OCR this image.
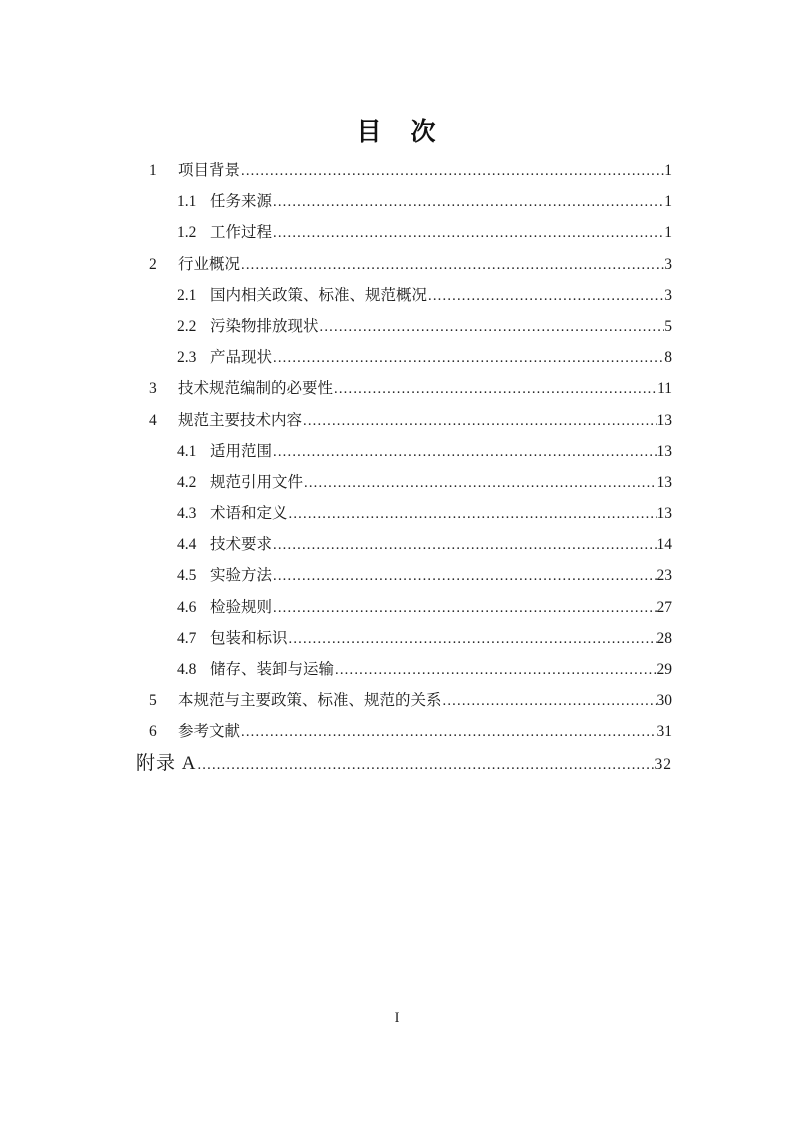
目　次
1	项目背景 .....	1
1.1 任务来源 .....	1
1.2 工作过程 .....	1
2	行业概况 .....	3
2.1 国内相关政策、标准、规范概况 .....	3
2.2 污染物排放现状 .....	5
2.3 产品现状 .....	8
3	技术规范编制的必要性 .....	11
4	规范主要技术内容 .....	13
4.1 适用范围 .....	13
4.2 规范引用文件 .....	13
4.3 术语和定义 .....	13
4.4 技术要求 .....	14
4.5 实验方法 .....	23
4.6 检验规则 .....	27
4.7 包装和标识 .....	28
4.8 储存、装卸与运输 .....	29
5	本规范与主要政策、标准、规范的关系 .....	30
6	参考文献 .....	31
附录 A .....	32
I
